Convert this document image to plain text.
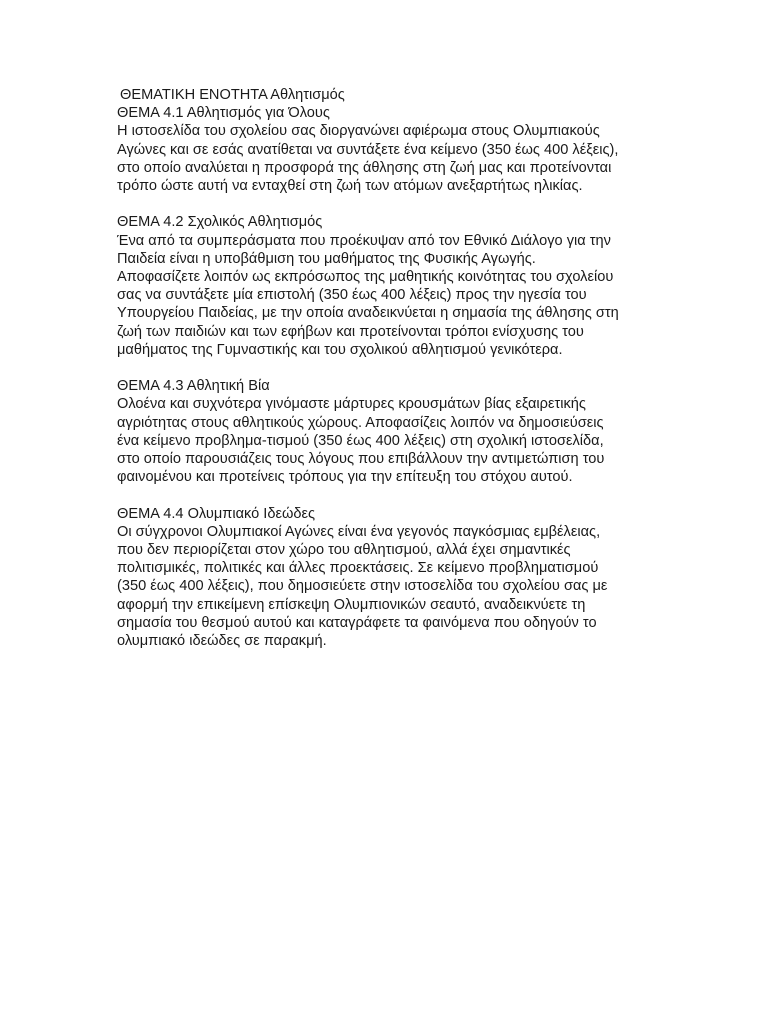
ΘΕΜΑΤΙΚΗ ΕΝΟΤΗΤΑ Αθλητισμός
ΘΕΜΑ 4.1 Αθλητισμός για Όλους
Η ιστοσελίδα του σχολείου σας διοργανώνει αφιέρωμα στους Ολυμπιακούς
Αγώνες και σε εσάς ανατίθεται να συντάξετε ένα κείμενο (350 έως 400 λέξεις),
στο οποίο αναλύεται η προσφορά της άθλησης στη ζωή μας και προτείνονται
τρόπο ώστε αυτή να ενταχθεί στη ζωή των ατόμων ανεξαρτήτως ηλικίας.
ΘΕΜΑ 4.2 Σχολικός Αθλητισμός
Ένα από τα συμπεράσματα που προέκυψαν από τον Εθνικό Διάλογο για την
Παιδεία είναι η υποβάθμιση του μαθήματος της Φυσικής Αγωγής.
Αποφασίζετε λοιπόν ως εκπρόσωπος της μαθητικής κοινότητας του σχολείου
σας να συντάξετε μία επιστολή (350 έως 400 λέξεις) προς την ηγεσία του
Υπουργείου Παιδείας, με την οποία αναδεικνύεται η σημασία της άθλησης στη
ζωή των παιδιών και των εφήβων και προτείνονται τρόποι ενίσχυσης του
μαθήματος της Γυμναστικής και του σχολικού αθλητισμού γενικότερα.
ΘΕΜΑ 4.3 Αθλητική Βία
Ολοένα και συχνότερα γινόμαστε μάρτυρες κρουσμάτων βίας εξαιρετικής
αγριότητας στους αθλητικούς χώρους. Αποφασίζεις λοιπόν να δημοσιεύσεις
ένα κείμενο προβλημα-τισμού (350 έως 400 λέξεις) στη σχολική ιστοσελίδα,
στο οποίο παρουσιάζεις τους λόγους που επιβάλλουν την αντιμετώπιση του
φαινομένου και προτείνεις τρόπους για την επίτευξη του στόχου αυτού.
ΘΕΜΑ 4.4 Ολυμπιακό Ιδεώδες
Οι σύγχρονοι Ολυμπιακοί Αγώνες είναι ένα γεγονός παγκόσμιας εμβέλειας,
που δεν περιορίζεται στον χώρο του αθλητισμού, αλλά έχει σημαντικές
πολιτισμικές, πολιτικές και άλλες προεκτάσεις. Σε κείμενο προβληματισμού
(350 έως 400 λέξεις), που δημοσιεύετε στην ιστοσελίδα του σχολείου σας με
αφορμή την επικείμενη επίσκεψη Ολυμπιονικών σεαυτό, αναδεικνύετε τη
σημασία του θεσμού αυτού και καταγράφετε τα φαινόμενα που οδηγούν το
ολυμπιακό ιδεώδες σε παρακμή.
